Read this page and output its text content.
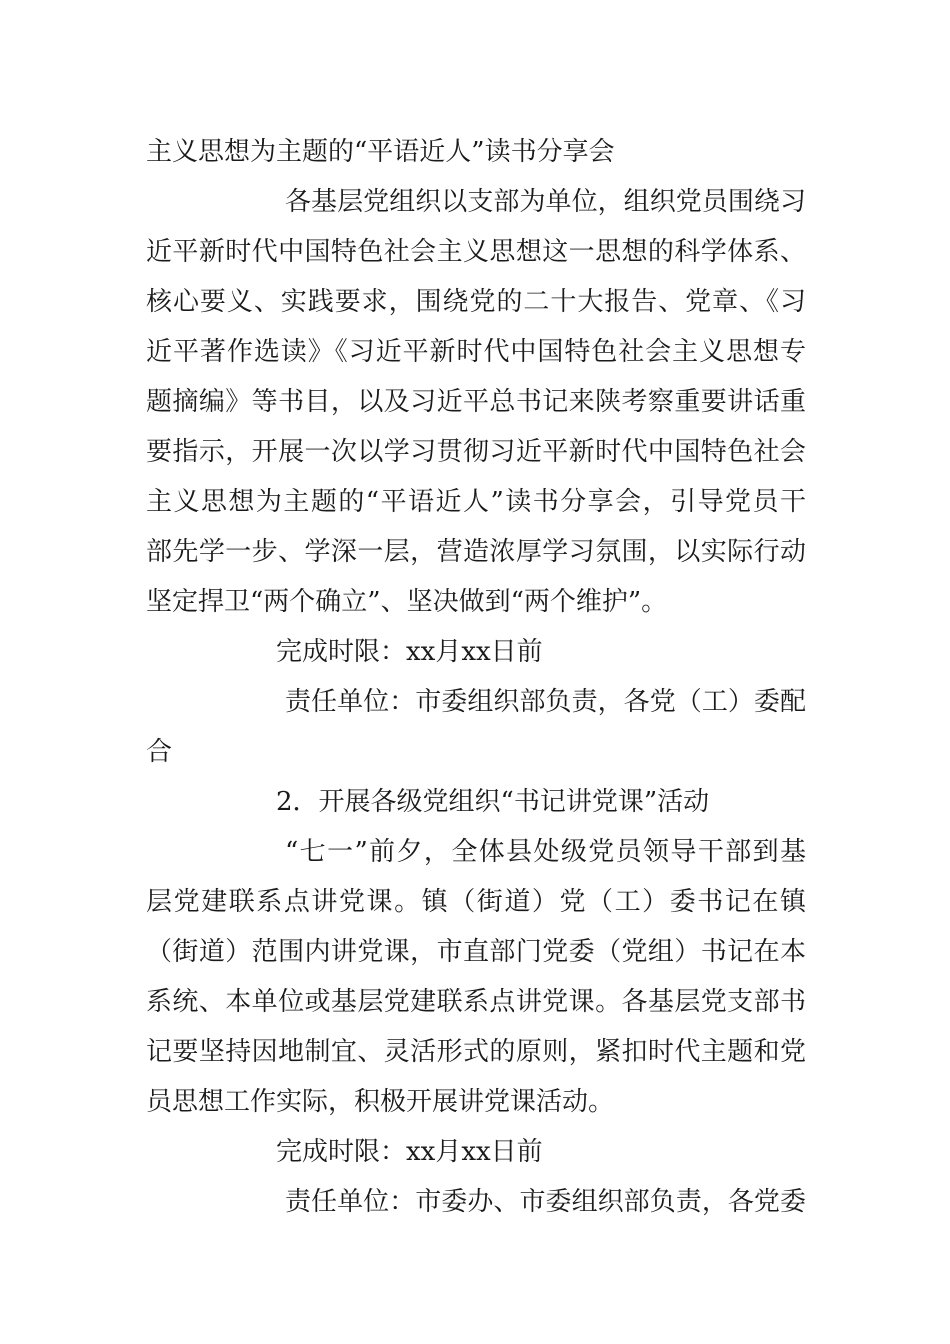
主义思想为主题的“平语近人”读书分享会

各基层党组织以支部为单位，组织党员围绕习

近平新时代中国特色社会主义思想这一思想的科学体系、

核心要义、实践要求，围绕党的二十大报告、党章、《习

近平著作选读》《习近平新时代中国特色社会主义思想专

题摘编》等书目，以及习近平总书记来陕考察重要讲话重

要指示，开展一次以学习贯彻习近平新时代中国特色社会

主义思想为主题的“平语近人”读书分享会，引导党员干

部先学一步、学深一层，营造浓厚学习氛围，以实际行动

坚定捍卫“两个确立”、坚决做到“两个维护”。

完成时限：xx月xx日前

责任单位：市委组织部负责，各党（工）委配

合

2．开展各级党组织“书记讲党课”活动

“七一”前夕，全体县处级党员领导干部到基

层党建联系点讲党课。镇（街道）党（工）委书记在镇

（街道）范围内讲党课，市直部门党委（党组）书记在本

系统、本单位或基层党建联系点讲党课。各基层党支部书

记要坚持因地制宜、灵活形式的原则，紧扣时代主题和党

员思想工作实际，积极开展讲党课活动。

完成时限：xx月xx日前

责任单位：市委办、市委组织部负责，各党委
